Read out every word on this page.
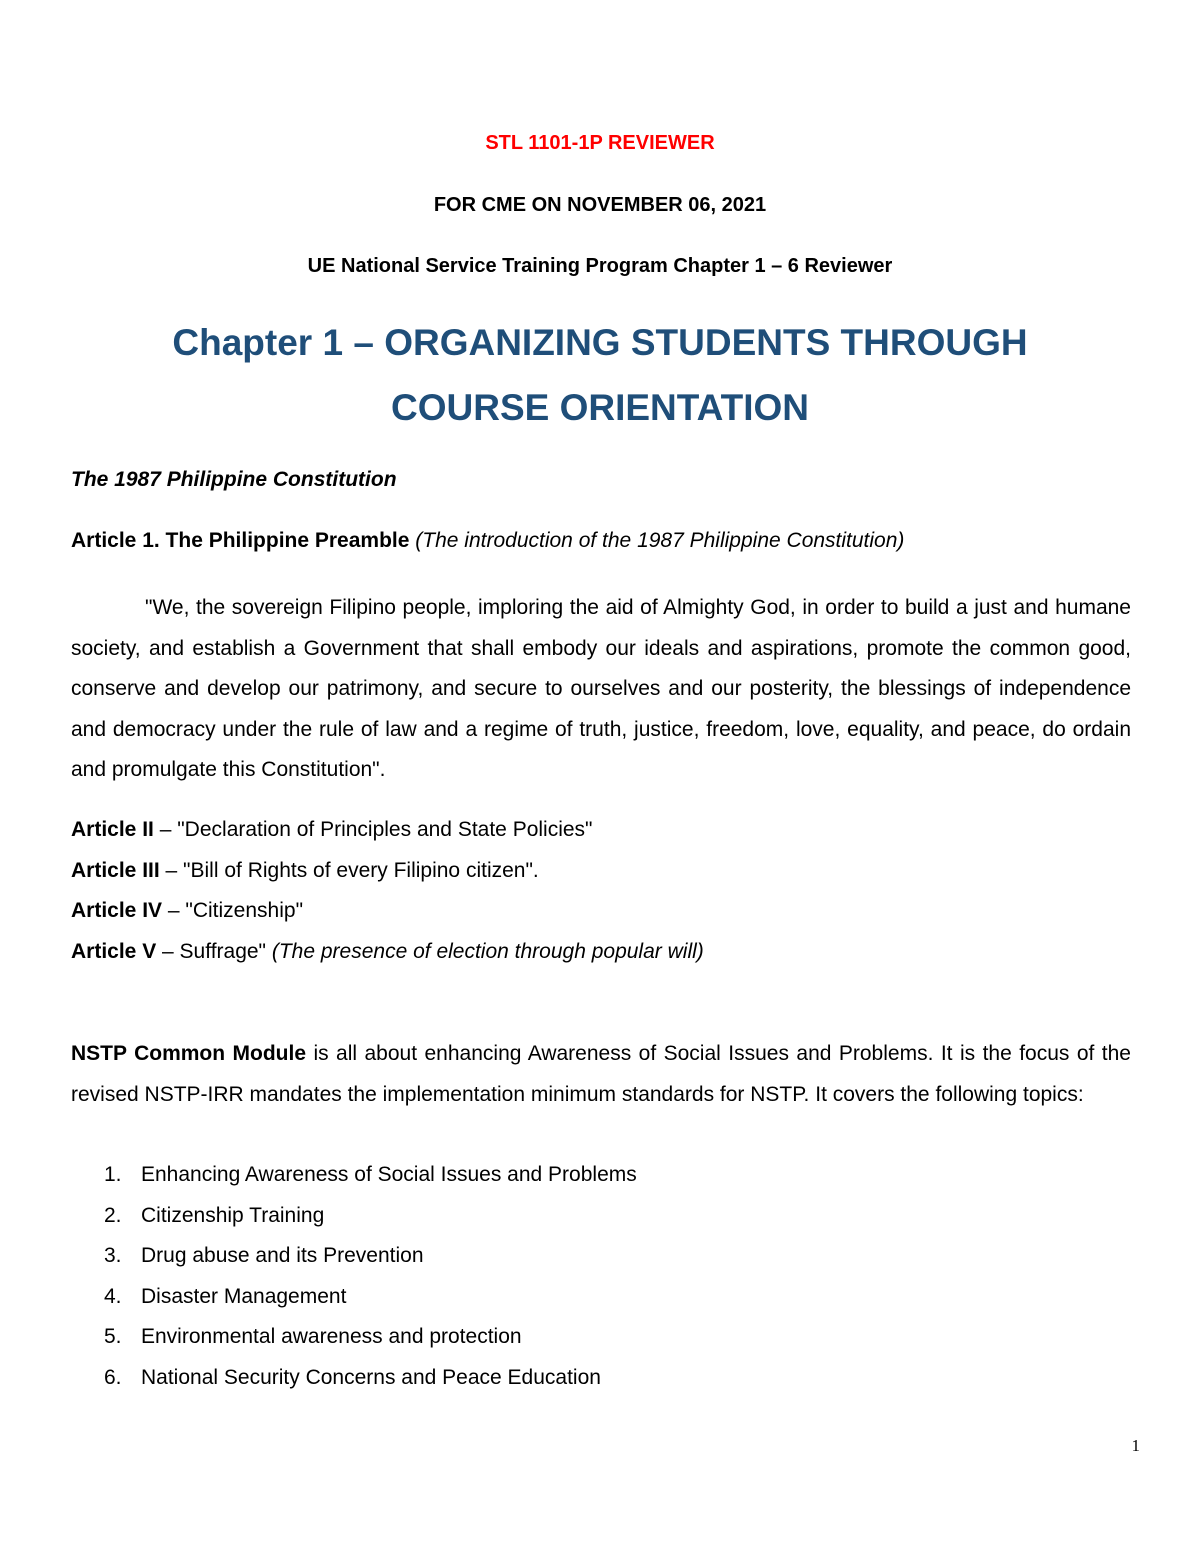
STL 1101-1P REVIEWER
FOR CME ON NOVEMBER 06, 2021
UE National Service Training Program Chapter 1 – 6 Reviewer
Chapter 1 – ORGANIZING STUDENTS THROUGH
COURSE ORIENTATION
The 1987 Philippine Constitution
Article 1. The Philippine Preamble (The introduction of the 1987 Philippine Constitution)
"We, the sovereign Filipino people, imploring the aid of Almighty God, in order to build a just and humane society, and establish a Government that shall embody our ideals and aspirations, promote the common good, conserve and develop our patrimony, and secure to ourselves and our posterity, the blessings of independence and democracy under the rule of law and a regime of truth, justice, freedom, love, equality, and peace, do ordain and promulgate this Constitution".
Article II – "Declaration of Principles and State Policies"
Article III – "Bill of Rights of every Filipino citizen".
Article IV – "Citizenship"
Article V – Suffrage" (The presence of election through popular will)
NSTP Common Module is all about enhancing Awareness of Social Issues and Problems. It is the focus of the revised NSTP-IRR mandates the implementation minimum standards for NSTP. It covers the following topics:
1. Enhancing Awareness of Social Issues and Problems
2. Citizenship Training
3. Drug abuse and its Prevention
4. Disaster Management
5. Environmental awareness and protection
6. National Security Concerns and Peace Education
1
